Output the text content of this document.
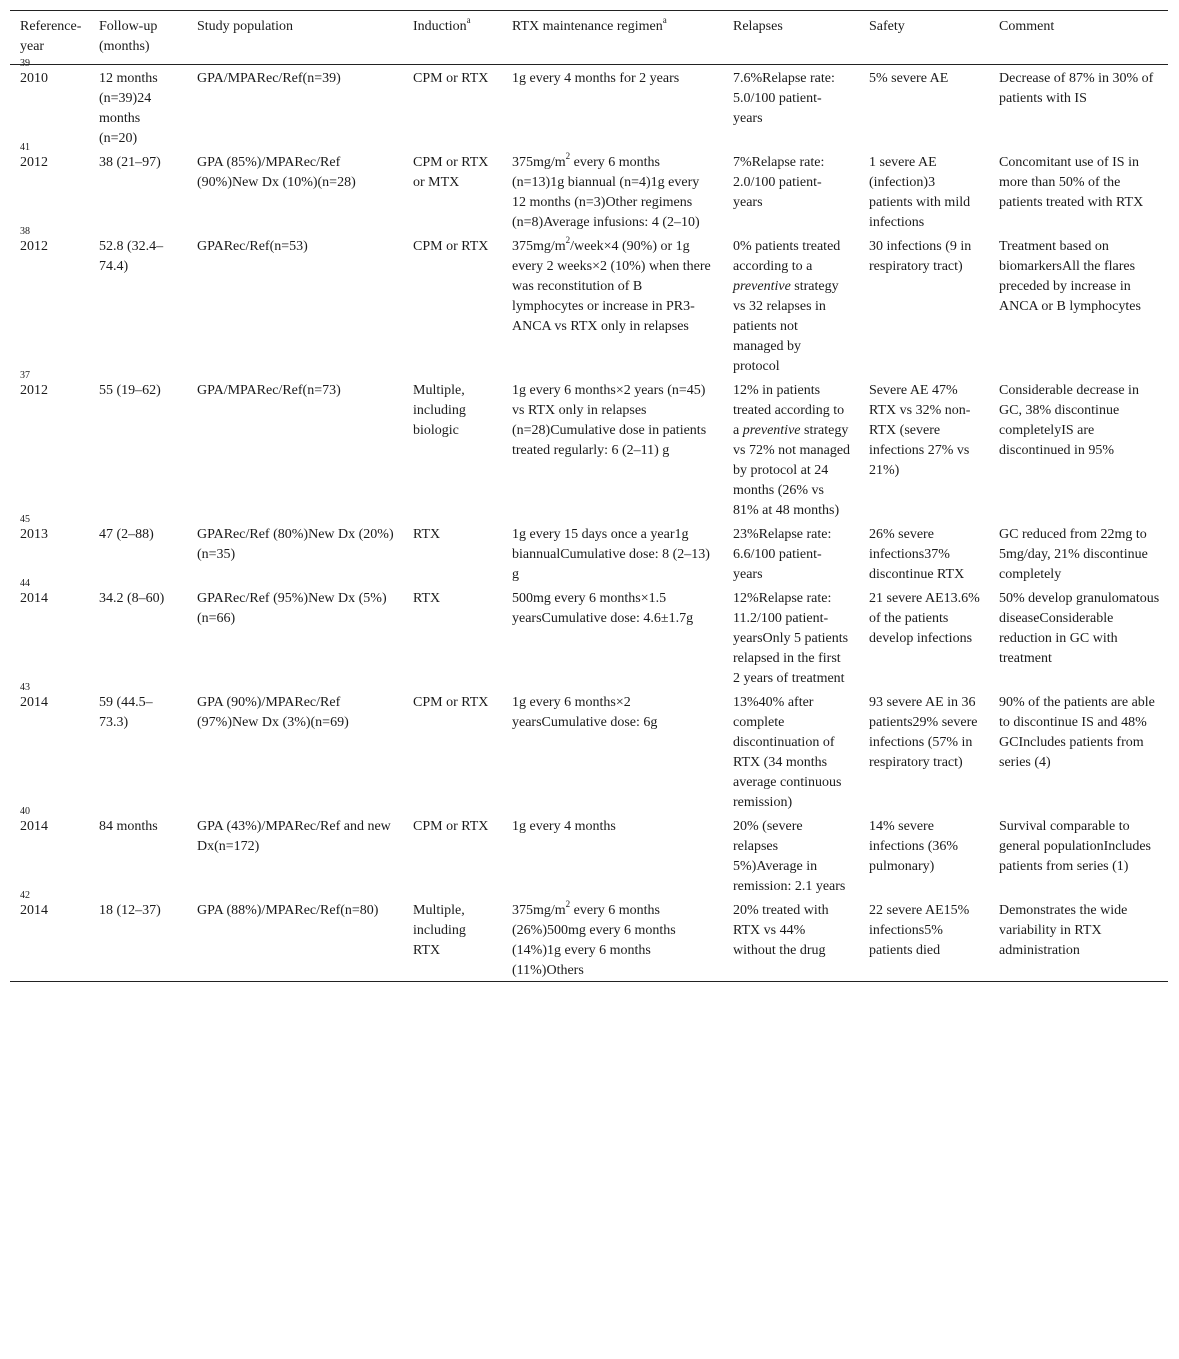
Reference-year	Follow-up (months)	Study population	Induction$^a$	RTX maintenance regimen$^a$	Relapses	Safety	Comment

39
2010	12 months (n=39)24 months (n=20)	GPA/MPARec/Ref(n=39)	CPM or RTX	1g every 4 months for 2 years	7.6%Relapse rate: 5.0/100 patient-years	5% severe AE	Decrease of 87% in 30% of patients with IS

41
2012	38 (21–97)	GPA (85%)/MPARec/Ref (90%)New Dx (10%)(n=28)	CPM or RTX or MTX	$375mg/m^2$ every 6 months (n=13)1g biannual (n=4)1g every 12 months (n=3)Other regimens (n=8)Average infusions: 4 (2–10)	7%Relapse rate: 2.0/100 patient-years	1 severe AE (infection)3 patients with mild infections	Concomitant use of IS in more than 50% of the patients treated with RTX

38
2012	52.8 (32.4–74.4)	GPARec/Ref(n=53)	CPM or RTX	$375mg/m^2/week\times 4$ (90%) or 1g every 2 weeks×2 (10%) when there was reconstitution of B lymphocytes or increase in PR3-ANCA vs RTX only in relapses	0% patients treated according to a preventive strategy vs 32 relapses in patients not managed by protocol	30 infections (9 in respiratory tract)	Treatment based on biomarkersAll the flares preceded by increase in ANCA or B lymphocytes

37
2012	55 (19–62)	GPA/MPARec/Ref(n=73)	Multiple, including biologic	1g every 6 months×2 years (n=45) vs RTX only in relapses (n=28)Cumulative dose in patients treated regularly: 6 (2–11) g	12% in patients treated according to a preventive strategy vs 72% not managed by protocol at 24 months (26% vs 81% at 48 months)	Severe AE 47% RTX vs 32% non-RTX (severe infections 27% vs 21%)	Considerable decrease in GC, 38% discontinue completelyIS are discontinued in 95%

45
2013	47 (2–88)	GPARec/Ref (80%)New Dx (20%)(n=35)	RTX	1g every 15 days once a year1g biannualCumulative dose: 8 (2–13) g	23%Relapse rate: 6.6/100 patient-years	26% severe infections37% discontinue RTX	GC reduced from 22mg to 5mg/day, 21% discontinue completely

44
2014	34.2 (8–60)	GPARec/Ref (95%)New Dx (5%) (n=66)	RTX	500mg every 6 months×1.5 yearsCumulative dose: 4.6±1.7g	12%Relapse rate: 11.2/100 patient-yearsOnly 5 patients relapsed in the first 2 years of treatment	21 severe AE13.6% of the patients develop infections	50% develop granulomatous diseaseConsiderable reduction in GC with treatment

43
2014	59 (44.5–73.3)	GPA (90%)/MPARec/Ref (97%)New Dx (3%)(n=69)	CPM or RTX	1g every 6 months×2 yearsCumulative dose: 6g	13%40% after complete discontinuation of RTX (34 months average continuous remission)	93 severe AE in 36 patients29% severe infections (57% in respiratory tract)	90% of the patients are able to discontinue IS and 48% GCIncludes patients from series (4)

40
2014	84 months	GPA (43%)/MPARec/Ref and new Dx(n=172)	CPM or RTX	1g every 4 months	20% (severe relapses 5%)Average in remission: 2.1 years	14% severe infections (36% pulmonary)	Survival comparable to general populationIncludes patients from series (1)

42
2014	18 (12–37)	GPA (88%)/MPARec/Ref(n=80)	Multiple, including RTX	$375mg/m^2$ every 6 months (26%)500mg every 6 months (14%)1g every 6 months (11%)Others	20% treated with RTX vs 44% without the drug	22 severe AE15% infections5% patients died	Demonstrates the wide variability in RTX administration
